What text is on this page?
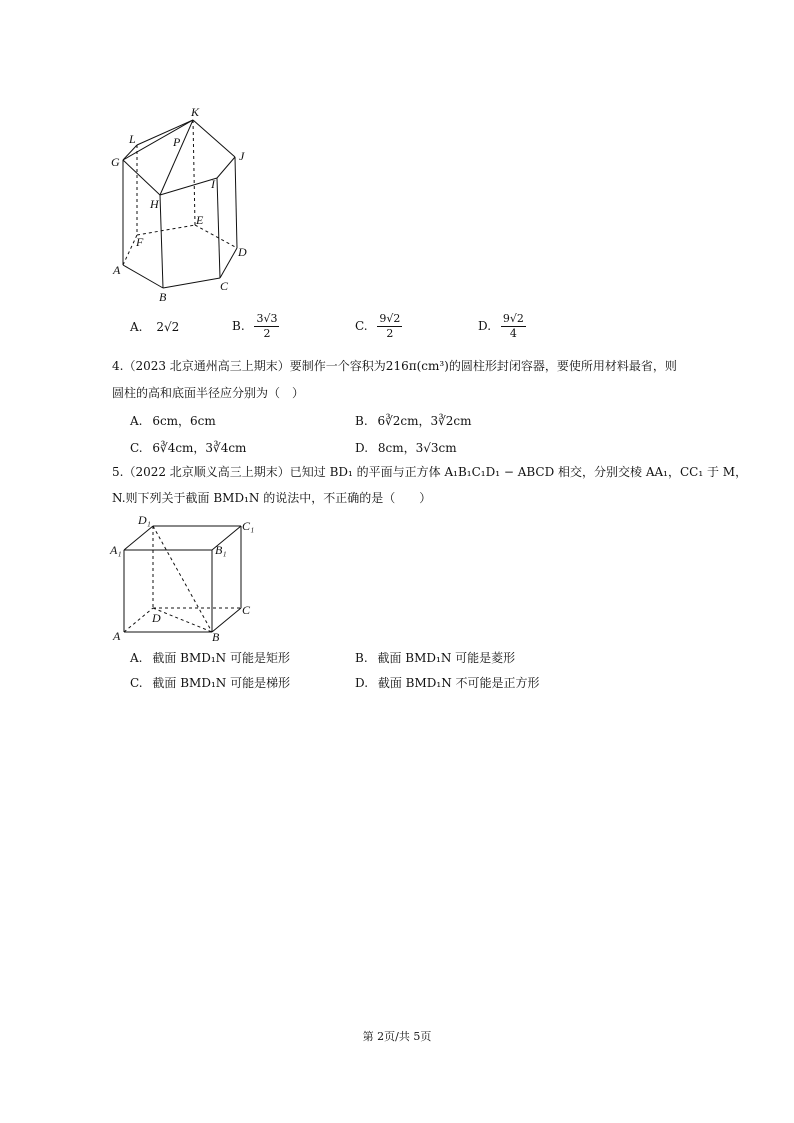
K
L	P
G	J
I
H
E
F
D
A
C
B
A. 2√2	B. $\frac{3√3}{2}$	C. $\frac{9√2}{2}$	D. $\frac{9√2}{4}$
4.（2023 北京通州高三上期末）要制作一个容积为216π(cm³)的圆柱形封闭容器，要使所用材料最省，则
圆柱的高和底面半径应分别为（　）
A. 6cm，6cm	B. 6∛2cm，3∛2cm
C. 6∛4cm，3∛4cm	D. 8cm，3√3cm
5.（2022 北京顺义高三上期末）已知过 BD₁ 的平面与正方体 A₁B₁C₁D₁ − ABCD 相交，分别交棱 AA₁，CC₁ 于 M，
N.则下列关于截面 BMD₁N 的说法中，不正确的是（　　）
D₁	C₁
A₁	B₁
D
C
A	B
A. 截面 BMD₁N 可能是矩形	B. 截面 BMD₁N 可能是菱形
C. 截面 BMD₁N 可能是梯形	D. 截面 BMD₁N 不可能是正方形
第 2页/共 5页
